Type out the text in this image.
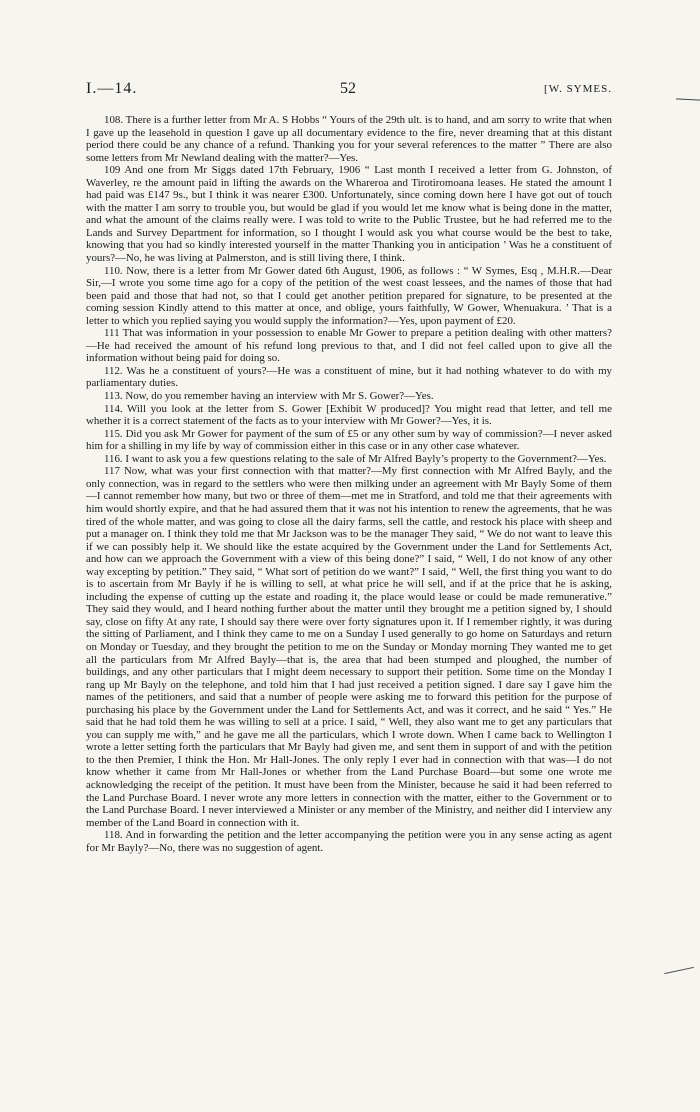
I.—14.	52	[W. SYMES.

108. There is a further letter from Mr A. S Hobbs “ Yours of the 29th ult. is to hand, and am sorry to write that when I gave up the leasehold in question I gave up all documentary evidence to the fire, never dreaming that at this distant period there could be any chance of a refund. Thanking you for your several references to the matter ” There are also some letters from Mr Newland dealing with the matter?—Yes.

109 And one from Mr Siggs dated 17th February, 1906 “ Last month I received a letter from G. Johnston, of Waverley, re the amount paid in lifting the awards on the Whareroa and Tirotiromoana leases. He stated the amount I had paid was £147 9s., but I think it was nearer £300. Unfortunately, since coming down here I have got out of touch with the matter I am sorry to trouble you, but would be glad if you would let me know what is being done in the matter, and what the amount of the claims really were. I was told to write to the Public Trustee, but he had referred me to the Lands and Survey Department for information, so I thought I would ask you what course would be the best to take, knowing that you had so kindly interested yourself in the matter Thanking you in anticipation ’ Was he a constituent of yours?—No, he was living at Palmerston, and is still living there, I think.

110. Now, there is a letter from Mr Gower dated 6th August, 1906, as follows : “ W Symes, Esq , M.H.R.—Dear Sir,—I wrote you some time ago for a copy of the petition of the west coast lessees, and the names of those that had been paid and those that had not, so that I could get another petition prepared for signature, to be presented at the coming session Kindly attend to this matter at once, and oblige, yours faithfully, W Gower, Whenuakura. ’ That is a letter to which you replied saying you would supply the information?—Yes, upon payment of £20.

111 That was information in your possession to enable Mr Gower to prepare a petition dealing with other matters?—He had received the amount of his refund long previous to that, and I did not feel called upon to give all the information without being paid for doing so.

112. Was he a constituent of yours?—He was a constituent of mine, but it had nothing whatever to do with my parliamentary duties.

113. Now, do you remember having an interview with Mr S. Gower?—Yes.

114. Will you look at the letter from S. Gower [Exhibit W produced]? You might read that letter, and tell me whether it is a correct statement of the facts as to your interview with Mr Gower?—Yes, it is.

115. Did you ask Mr Gower for payment of the sum of £5 or any other sum by way of commission?—I never asked him for a shilling in my life by way of commission either in this case or in any other case whatever.

116. I want to ask you a few questions relating to the sale of Mr Alfred Bayly’s property to the Government?—Yes.

117 Now, what was your first connection with that matter?—My first connection with Mr Alfred Bayly, and the only connection, was in regard to the settlers who were then milking under an agreement with Mr Bayly Some of them—I cannot remember how many, but two or three of them—met me in Stratford, and told me that their agreements with him would shortly expire, and that he had assured them that it was not his intention to renew the agreements, that he was tired of the whole matter, and was going to close all the dairy farms, sell the cattle, and restock his place with sheep and put a manager on. I think they told me that Mr Jackson was to be the manager They said, “ We do not want to leave this if we can possibly help it. We should like the estate acquired by the Government under the Land for Settlements Act, and how can we approach the Government with a view of this being done?” I said, “ Well, I do not know of any other way excepting by petition.” They said, “ What sort of petition do we want?” I said, “ Well, the first thing you want to do is to ascertain from Mr Bayly if he is willing to sell, at what price he will sell, and if at the price that he is asking, including the expense of cutting up the estate and roading it, the place would lease or could be made remunerative.” They said they would, and I heard nothing further about the matter until they brought me a petition signed by, I should say, close on fifty At any rate, I should say there were over forty signatures upon it. If I remember rightly, it was during the sitting of Parliament, and I think they came to me on a Sunday I used generally to go home on Saturdays and return on Monday or Tuesday, and they brought the petition to me on the Sunday or Monday morning They wanted me to get all the particulars from Mr Alfred Bayly—that is, the area that had been stumped and ploughed, the number of buildings, and any other particulars that I might deem necessary to support their petition. Some time on the Monday I rang up Mr Bayly on the telephone, and told him that I had just received a petition signed. I dare say I gave him the names of the petitioners, and said that a number of people were asking me to forward this petition for the purpose of purchasing his place by the Government under the Land for Settlements Act, and was it correct, and he said “ Yes.” He said that he had told them he was willing to sell at a price. I said, “ Well, they also want me to get any particulars that you can supply me with,” and he gave me all the particulars, which I wrote down. When I came back to Wellington I wrote a letter setting forth the particulars that Mr Bayly had given me, and sent them in support of and with the petition to the then Premier, I think the Hon. Mr Hall-Jones. The only reply I ever had in connection with that was—I do not know whether it came from Mr Hall-Jones or whether from the Land Purchase Board—but some one wrote me acknowledging the receipt of the petition. It must have been from the Minister, because he said it had been referred to the Land Purchase Board. I never wrote any more letters in connection with the matter, either to the Government or to the Land Purchase Board. I never interviewed a Minister or any member of the Ministry, and neither did I interview any member of the Land Board in connection with it.

118. And in forwarding the petition and the letter accompanying the petition were you in any sense acting as agent for Mr Bayly?—No, there was no suggestion of agent.
